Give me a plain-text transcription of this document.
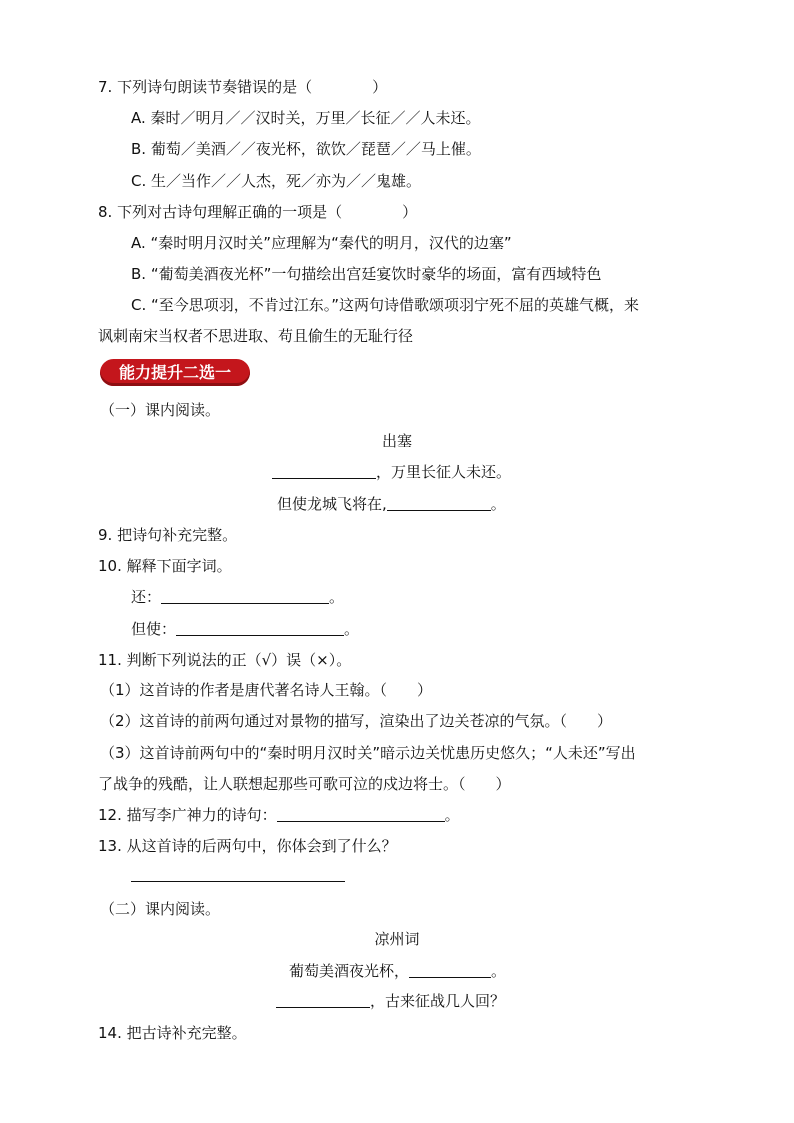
7. 下列诗句朗读节奏错误的是（　　　　）
A. 秦时／明月／／汉时关，万里／长征／／人未还。
B. 葡萄／美酒／／夜光杯，欲饮／琵琶／／马上催。
C. 生／当作／／人杰，死／亦为／／鬼雄。
8. 下列对古诗句理解正确的一项是（　　　　）
A. “秦时明月汉时关”应理解为“秦代的明月，汉代的边塞”
B. “葡萄美酒夜光杯”一句描绘出宫廷宴饮时豪华的场面，富有西域特色
C. “至今思项羽，不肯过江东。”这两句诗借歌颂项羽宁死不屈的英雄气概，来
讽刺南宋当权者不思进取、苟且偷生的无耻行径
能力提升二选一
（一）课内阅读。
出塞
，万里长征人未还。
但使龙城飞将在,	。
9. 把诗句补充完整。
10. 解释下面字词。
还：	。
但使：	。
11. 判断下列说法的正（√）误（×）。
（1）这首诗的作者是唐代著名诗人王翰。（　　）
（2）这首诗的前两句通过对景物的描写，渲染出了边关苍凉的气氛。（　　）
（3）这首诗前两句中的“秦时明月汉时关”暗示边关忧患历史悠久；“人未还”写出
了战争的残酷，让人联想起那些可歌可泣的戍边将士。（　　）
12. 描写李广神力的诗句：	。
13. 从这首诗的后两句中，你体会到了什么？
（二）课内阅读。
凉州词
葡萄美酒夜光杯，	。
，古来征战几人回？
14. 把古诗补充完整。
